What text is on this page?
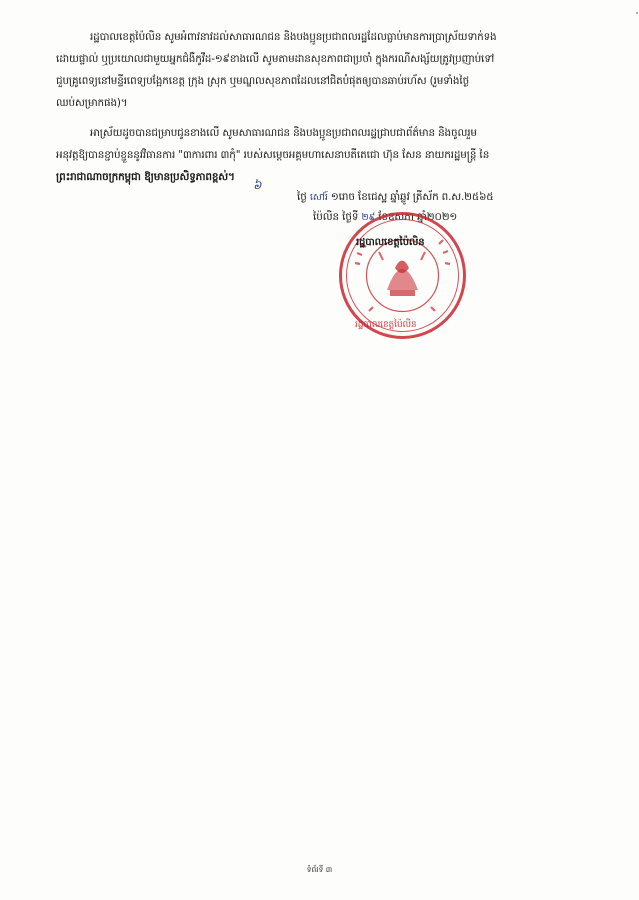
រដ្ឋបាលខេត្តប៉ៃលិន សូមអំពាវនាវដល់សាធារណជន និងបងប្អូនប្រជាពលរដ្ឋដែលធ្លាប់មានការប្រាស្រ័យទាក់ទង
ដោយផ្ទាល់ ឬប្រយោលជាមួយអ្នកជំងឺកូវីដ-១៩ខាងលើ សូមតាមដានសុខភាពជាប្រចាំ ក្នុងករណីសង្ស័យត្រូវប្រញាប់ទៅ
ជួបគ្រូពេទ្យនៅមន្ទីរពេទ្យបង្អែកខេត្ត ក្រុង ស្រុក ឬមណ្ឌលសុខភាពដែលនៅជិតបំផុតឲ្យបានឆាប់រហ័ស (រួមទាំងថ្ងៃ
ឈប់សម្រាកផង)។
អាស្រ័យដូចបានជម្រាបជូនខាងលើ សូមសាធារណជន និងបងប្អូនប្រជាពលរដ្ឋជ្រាបជាព័ត៌មាន និងចូលរួម
អនុវត្តឱ្យបានខ្ជាប់ខ្ជួននូវវិធានការ "៣ការពារ ៣កុំ" របស់សម្តេចអគ្គមហាសេនាបតីតេជោ ហ៊ុន សែន នាយករដ្ឋមន្ត្រី នៃ
ព្រះរាជាណាចក្រកម្ពុជា ឱ្យមានប្រសិទ្ធភាពខ្ពស់។
៦
ថ្ងៃ សៅរ៍ ១រោច ខែជេស្ឋ ឆ្នាំឆ្លូវ ត្រីស័ក ព.ស.២៥៦៥
ប៉ៃលិន ថ្ងៃទី ២៩ ខែឧសភា ឆ្នាំ២០២១
រដ្ឋបាលខេត្តប៉ៃលិន
រដ្ឋបាលខេត្តប៉ៃលិន
ទំព័រទី ៣
